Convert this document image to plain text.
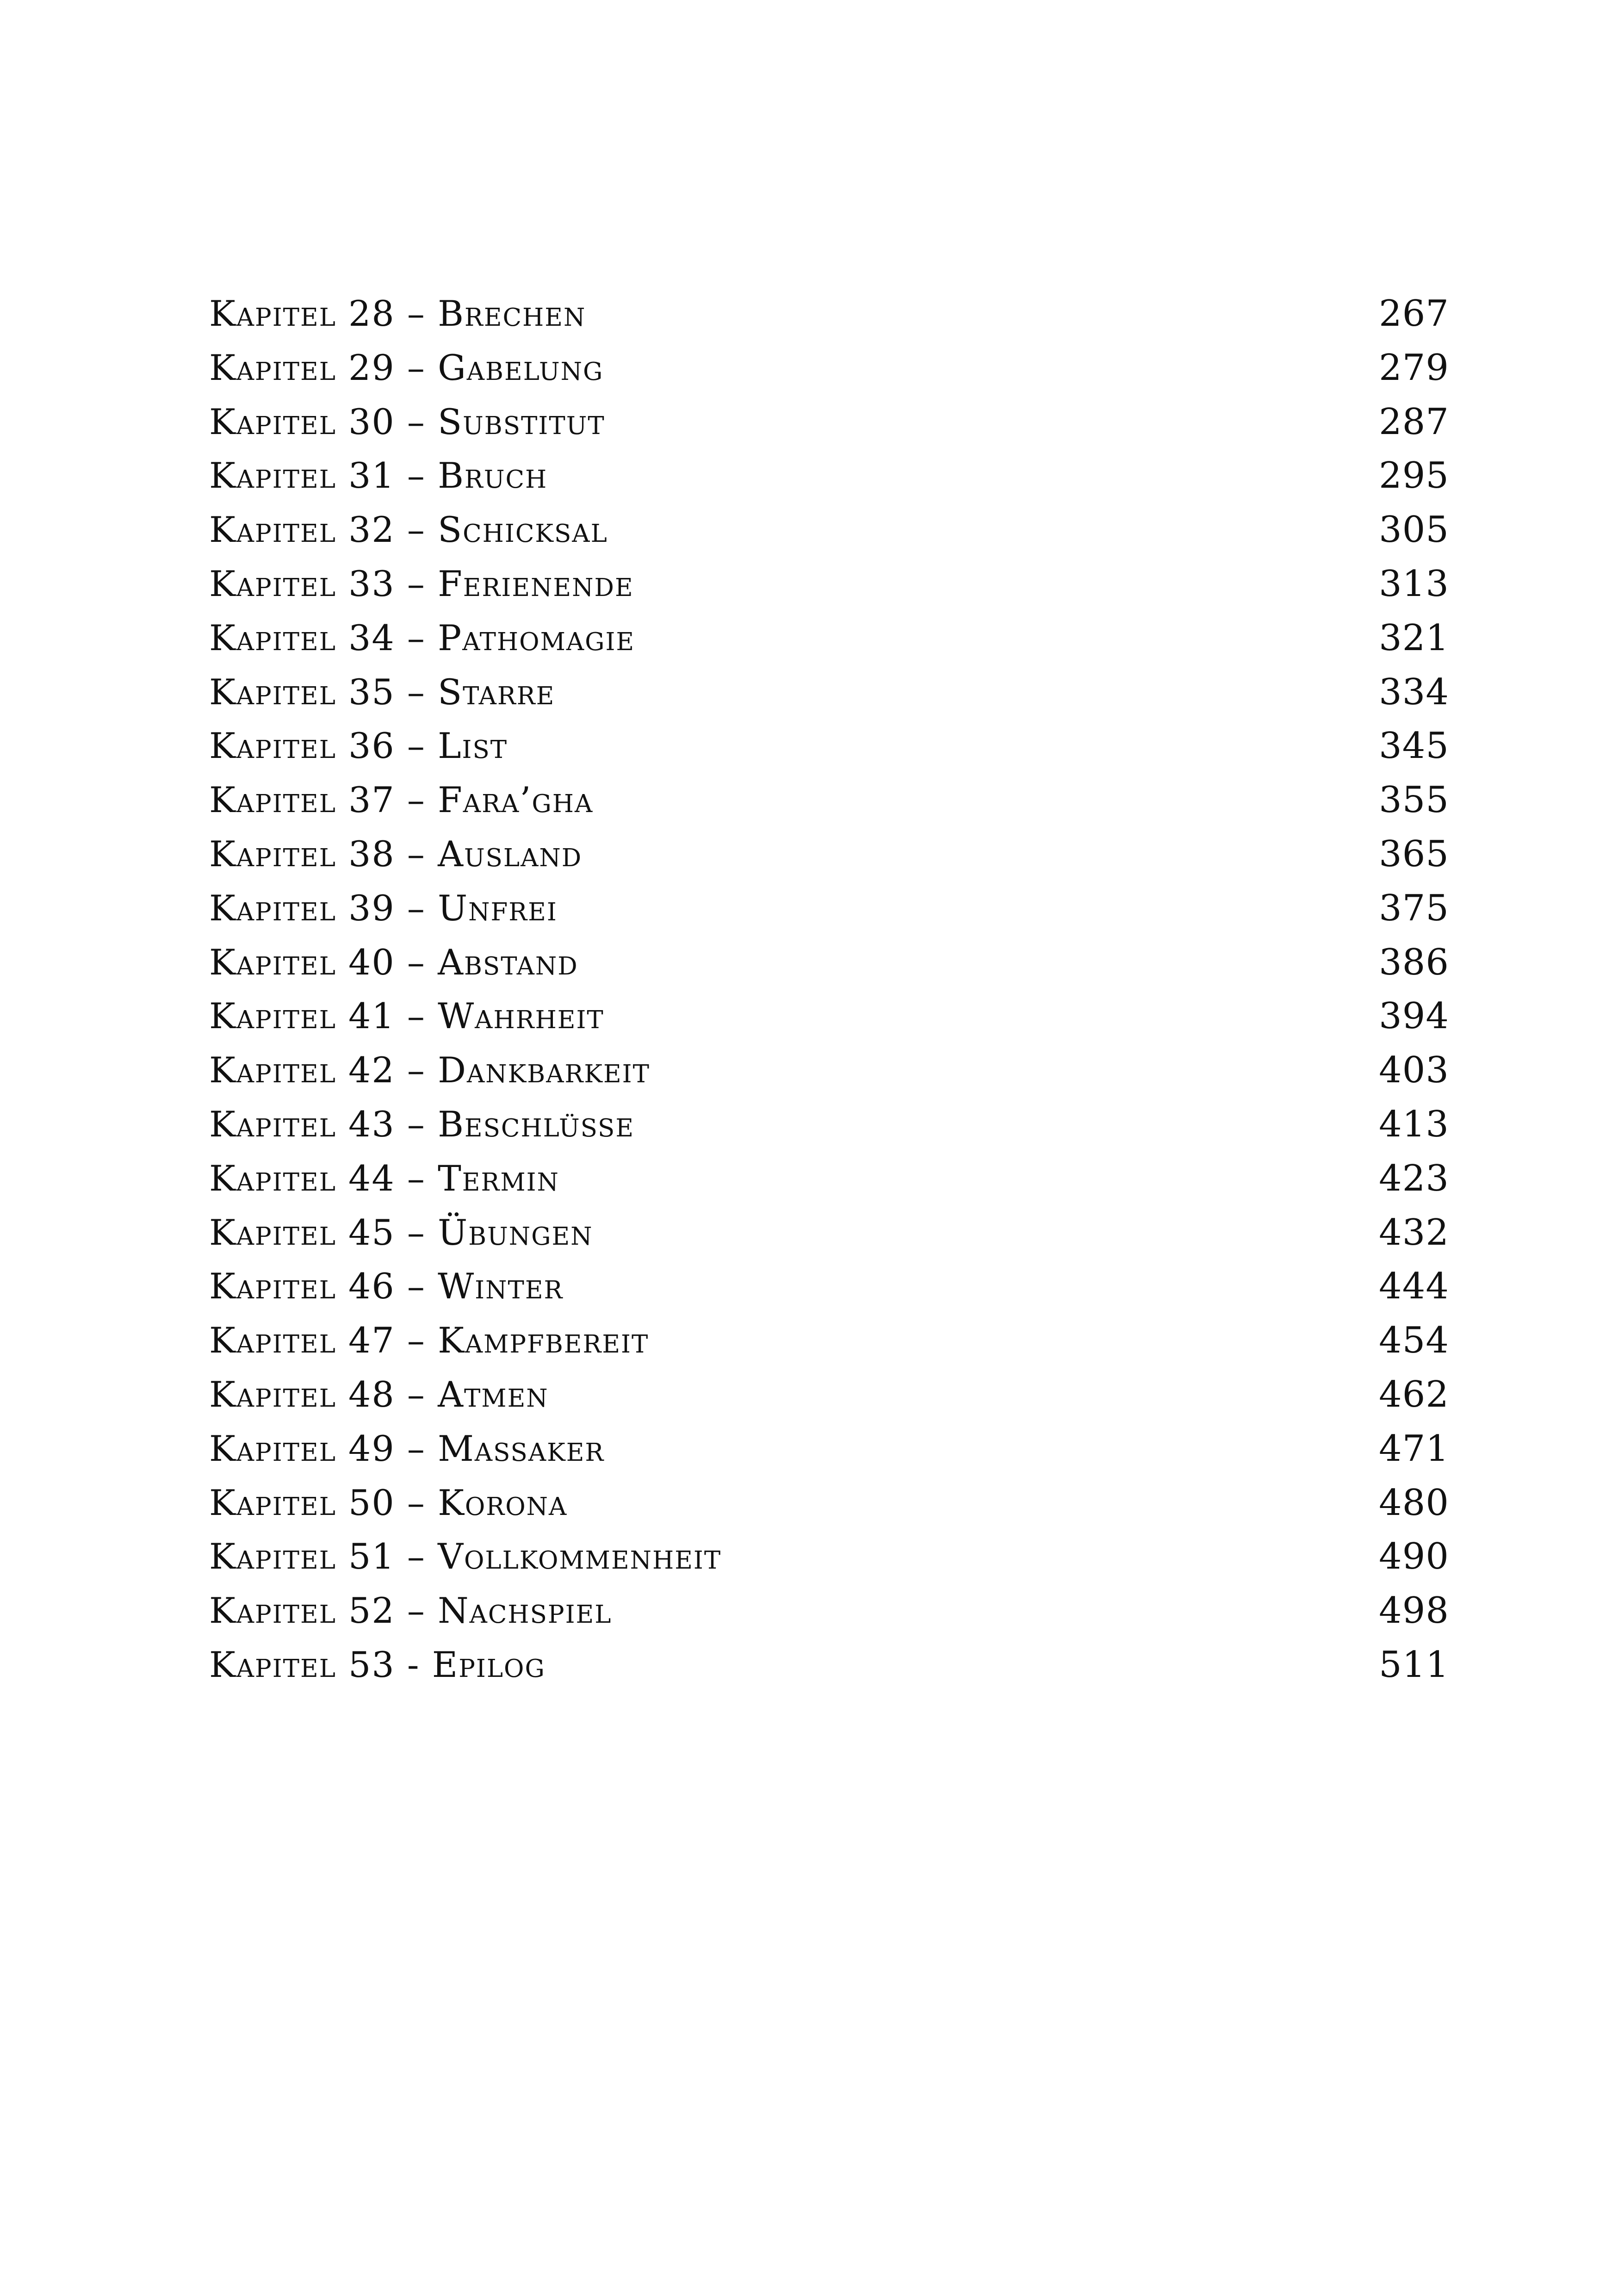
Kapitel 28 – Brechen	267
Kapitel 29 – Gabelung	279
Kapitel 30 – Substitut	287
Kapitel 31 – Bruch	295
Kapitel 32 – Schicksal	305
Kapitel 33 – Ferienende	313
Kapitel 34 – Pathomagie	321
Kapitel 35 – Starre	334
Kapitel 36 – List	345
Kapitel 37 – Fara’gha	355
Kapitel 38 – Ausland	365
Kapitel 39 – Unfrei	375
Kapitel 40 – Abstand	386
Kapitel 41 – Wahrheit	394
Kapitel 42 – Dankbarkeit	403
Kapitel 43 – Beschlüsse	413
Kapitel 44 – Termin	423
Kapitel 45 – Übungen	432
Kapitel 46 – Winter	444
Kapitel 47 – Kampfbereit	454
Kapitel 48 – Atmen	462
Kapitel 49 – Massaker	471
Kapitel 50 – Korona	480
Kapitel 51 – Vollkommenheit	490
Kapitel 52 – Nachspiel	498
Kapitel 53 - Epilog	511
